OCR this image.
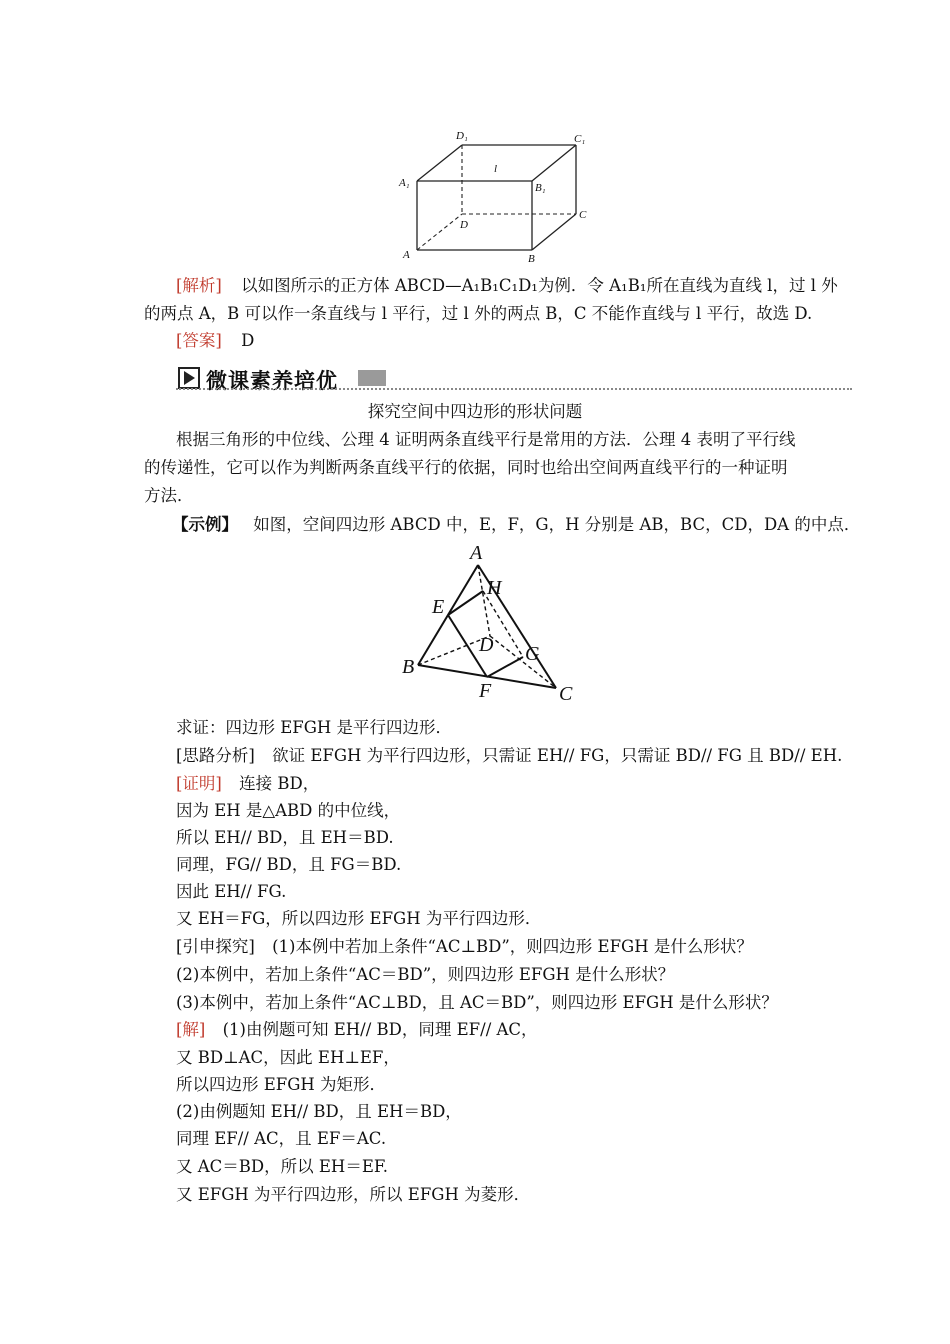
D₁	C₁
A₁
l
B₁
D
C
A	B
[解析] 以如图所示的正方体 ABCD—A₁B₁C₁D₁为例．令 A₁B₁所在直线为直线 l，过 l 外
的两点 A，B 可以作一条直线与 l 平行，过 l 外的两点 B，C 不能作直线与 l 平行，故选 D.
[答案] D
微课素养培优
探究空间中四边形的形状问题
根据三角形的中位线、公理 4 证明两条直线平行是常用的方法．公理 4 表明了平行线
的传递性，它可以作为判断两条直线平行的依据，同时也给出空间两直线平行的一种证明
方法．
【示例】 如图，空间四边形 ABCD 中，E，F，G，H 分别是 AB，BC，CD，DA 的中点．
A
H
E
D G
B
F	C
求证：四边形 EFGH 是平行四边形．
[思路分析] 欲证 EFGH 为平行四边形，只需证 EH// FG，只需证 BD// FG 且 BD// EH.
[证明] 连接 BD，
因为 EH 是△ABD 的中位线，
所以 EH// BD，且 EH＝BD.
同理，FG// BD，且 FG＝BD.
因此 EH// FG.
又 EH＝FG，所以四边形 EFGH 为平行四边形．
[引申探究] (1)本例中若加上条件“AC⊥BD”，则四边形 EFGH 是什么形状？
(2)本例中，若加上条件“AC＝BD”，则四边形 EFGH 是什么形状？
(3)本例中，若加上条件“AC⊥BD，且 AC＝BD”，则四边形 EFGH 是什么形状？
[解] (1)由例题可知 EH// BD，同理 EF// AC，
又 BD⊥AC，因此 EH⊥EF，
所以四边形 EFGH 为矩形．
(2)由例题知 EH// BD，且 EH＝BD，
同理 EF// AC，且 EF＝AC.
又 AC＝BD，所以 EH＝EF.
又 EFGH 为平行四边形，所以 EFGH 为菱形．
